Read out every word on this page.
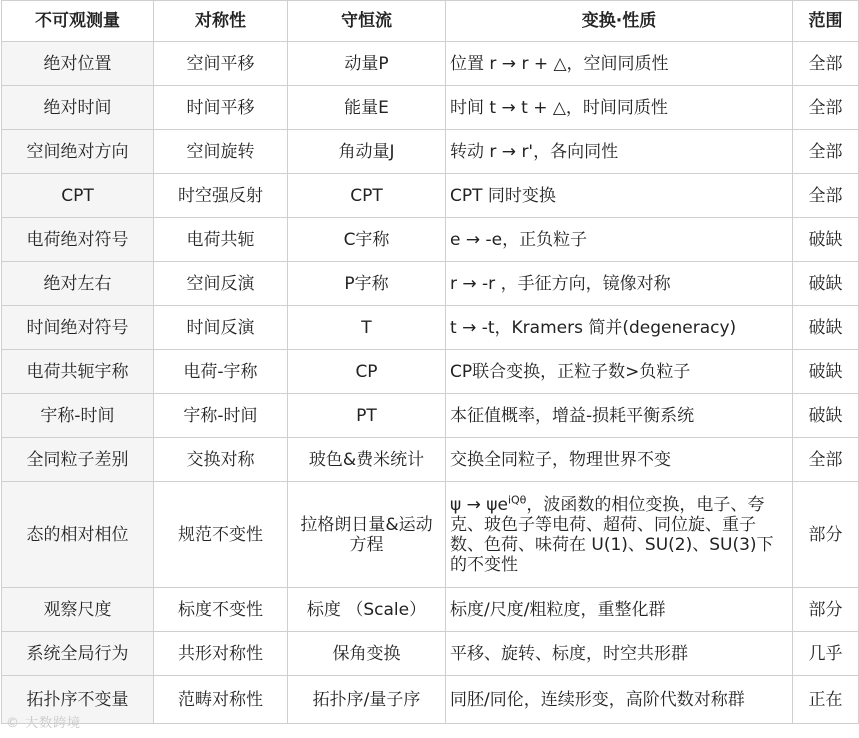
不可观测量	对称性	守恒流	变换·性质	范围
绝对位置	空间平移	动量P	位置 r → r + △，空间同质性	全部
绝对时间	时间平移	能量E	时间 t → t + △，时间同质性	全部
空间绝对方向	空间旋转	角动量J	转动 r → r'，各向同性	全部
CPT	时空强反射	CPT	CPT 同时变换	全部
电荷绝对符号	电荷共轭	C宇称	e → -e，正负粒子	破缺
绝对左右	空间反演	P宇称	r → -r ，手征方向，镜像对称	破缺
时间绝对符号	时间反演	T	t → -t，Kramers 简并(degeneracy)	破缺
电荷共轭宇称	电荷-宇称	CP	CP联合变换，正粒子数>负粒子	破缺
宇称-时间	宇称-时间	PT	本征值概率，增益-损耗平衡系统	破缺
全同粒子差别	交换对称	玻色&费米统计	交换全同粒子，物理世界不变	全部
态的相对相位	规范不变性	拉格朗日量&运动方程	$\psi \to \psi e^{iQ\theta}$，波函数的相位变换，电子、夸克、玻色子等电荷、超荷、同位旋、重子数、色荷、味荷在 U(1)、SU(2)、SU(3)下的不变性	部分
观察尺度	标度不变性	标度 （Scale）	标度/尺度/粗粒度，重整化群	部分
系统全局行为	共形对称性	保角变换	平移、旋转、标度，时空共形群	几乎
拓扑序不变量	范畴对称性	拓扑序/量子序	同胚/同伦，连续形变，高阶代数对称群	正在
© 大数跨境
